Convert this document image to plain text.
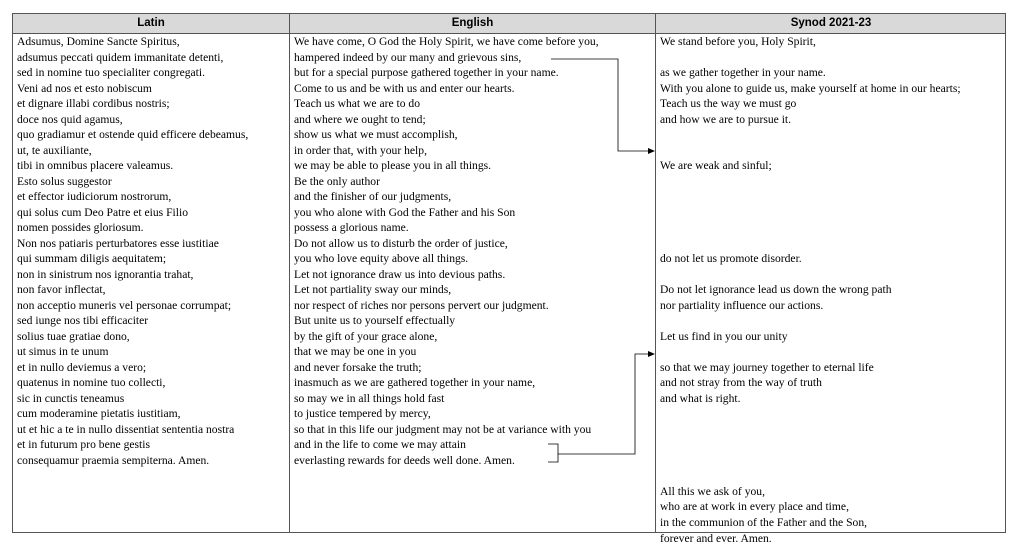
Latin	English	Synod 2021-23
Adsumus, Domine Sancte Spiritus,
adsumus peccati quidem immanitate detenti,
sed in nomine tuo specialiter congregati.
Veni ad nos et esto nobiscum
et dignare illabi cordibus nostris;
doce nos quid agamus,
quo gradiamur et ostende quid efficere debeamus,
ut, te auxiliante,
tibi in omnibus placere valeamus.
Esto solus suggestor
et effector iudiciorum nostrorum,
qui solus cum Deo Patre et eius Filio
nomen possides gloriosum.
Non nos patiaris perturbatores esse iustitiae
qui summam diligis aequitatem;
non in sinistrum nos ignorantia trahat,
non favor inflectat,
non acceptio muneris vel personae corrumpat;
sed iunge nos tibi efficaciter
solius tuae gratiae dono,
ut simus in te unum
et in nullo deviemus a vero;
quatenus in nomine tuo collecti,
sic in cunctis teneamus
cum moderamine pietatis iustitiam,
ut et hic a te in nullo dissentiat sententia nostra
et in futurum pro bene gestis
consequamur praemia sempiterna. Amen.
We have come, O God the Holy Spirit, we have come before you,
hampered indeed by our many and grievous sins,
but for a special purpose gathered together in your name.
Come to us and be with us and enter our hearts.
Teach us what we are to do
and where we ought to tend;
show us what we must accomplish,
in order that, with your help,
we may be able to please you in all things.
Be the only author
and the finisher of our judgments,
you who alone with God the Father and his Son
possess a glorious name.
Do not allow us to disturb the order of justice,
you who love equity above all things.
Let not ignorance draw us into devious paths.
Let not partiality sway our minds,
nor respect of riches nor persons pervert our judgment.
But unite us to yourself effectually
by the gift of your grace alone,
that we may be one in you
and never forsake the truth;
inasmuch as we are gathered together in your name,
so may we in all things hold fast
to justice tempered by mercy,
so that in this life our judgment may not be at variance with you
and in the life to come we may attain
everlasting rewards for deeds well done. Amen.
We stand before you, Holy Spirit,

as we gather together in your name.
With you alone to guide us, make yourself at home in our hearts;
Teach us the way we must go
and how we are to pursue it.

We are weak and sinful;

do not let us promote disorder.

Do not let ignorance lead us down the wrong path
nor partiality influence our actions.

Let us find in you our unity

so that we may journey together to eternal life
and not stray from the way of truth
and what is right.

All this we ask of you,
who are at work in every place and time,
in the communion of the Father and the Son,
forever and ever. Amen.
